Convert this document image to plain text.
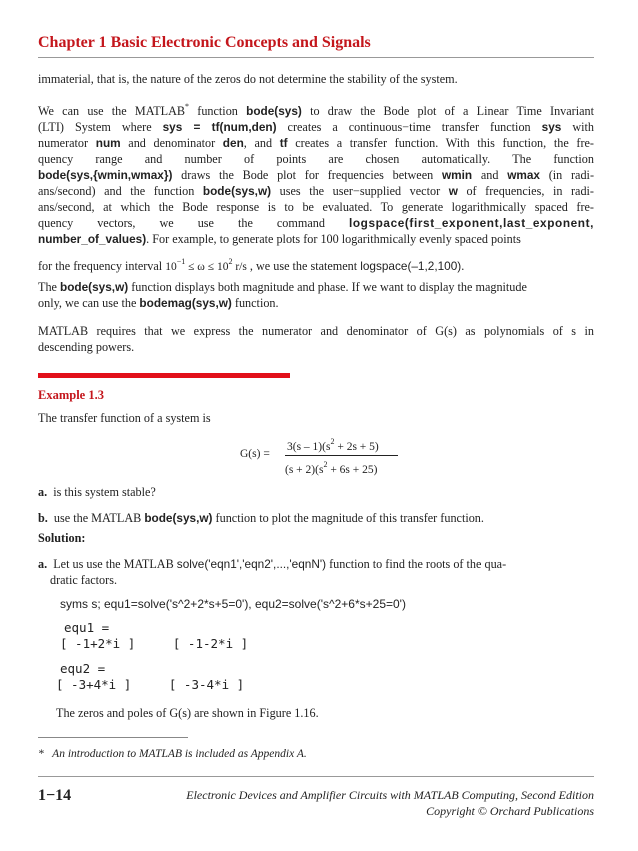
Chapter 1 Basic Electronic Concepts and Signals
immaterial, that is, the nature of the zeros do not determine the stability of the system.
We can use the MATLAB* function bode(sys) to draw the Bode plot of a Linear Time Invariant
(LTI) System where sys = tf(num,den) creates a continuous−time transfer function sys with
numerator num and denominator den, and tf creates a transfer function. With this function, the fre-
quency range and number of points are chosen automatically. The function
bode(sys,{wmin,wmax}) draws the Bode plot for frequencies between wmin and wmax (in radi-
ans/second) and the function bode(sys,w) uses the user−supplied vector w of frequencies, in radi-
ans/second, at which the Bode response is to be evaluated. To generate logarithmically spaced fre-
quency vectors, we use the command logspace(first_exponent,last_exponent,
number_of_values). For example, to generate plots for 100 logarithmically evenly spaced points
for the frequency interval $10^{-1} \le \omega \le 10^2$ r/s , we use the statement logspace(–1,2,100).
The bode(sys,w) function displays both magnitude and phase. If we want to display the magnitude
only, we can use the bodemag(sys,w) function.
MATLAB requires that we express the numerator and denominator of G(s) as polynomials of s in
descending powers.
Example 1.3
The transfer function of a system is
G(s) =
$3(s - 1)(s^2 + 2s + 5)$
$(s + 2)(s^2 + 6s + 25)$
a. is this system stable?
b. use the MATLAB bode(sys,w) function to plot the magnitude of this transfer function.
Solution:
a. Let us use the MATLAB solve('eqn1','eqn2',...,'eqnN') function to find the roots of the qua-
dratic factors.
syms s; equ1=solve('s^2+2*s+5=0'), equ2=solve('s^2+6*s+25=0')
equ1 =
[ -1+2*i ]     [ -1-2*i ]
equ2 =
[ -3+4*i ]     [ -3-4*i ]
The zeros and poles of G(s) are shown in Figure 1.16.
*   An introduction to MATLAB is included as Appendix A.
1−14	Electronic Devices and Amplifier Circuits with MATLAB Computing, Second Edition
Copyright © Orchard Publications
